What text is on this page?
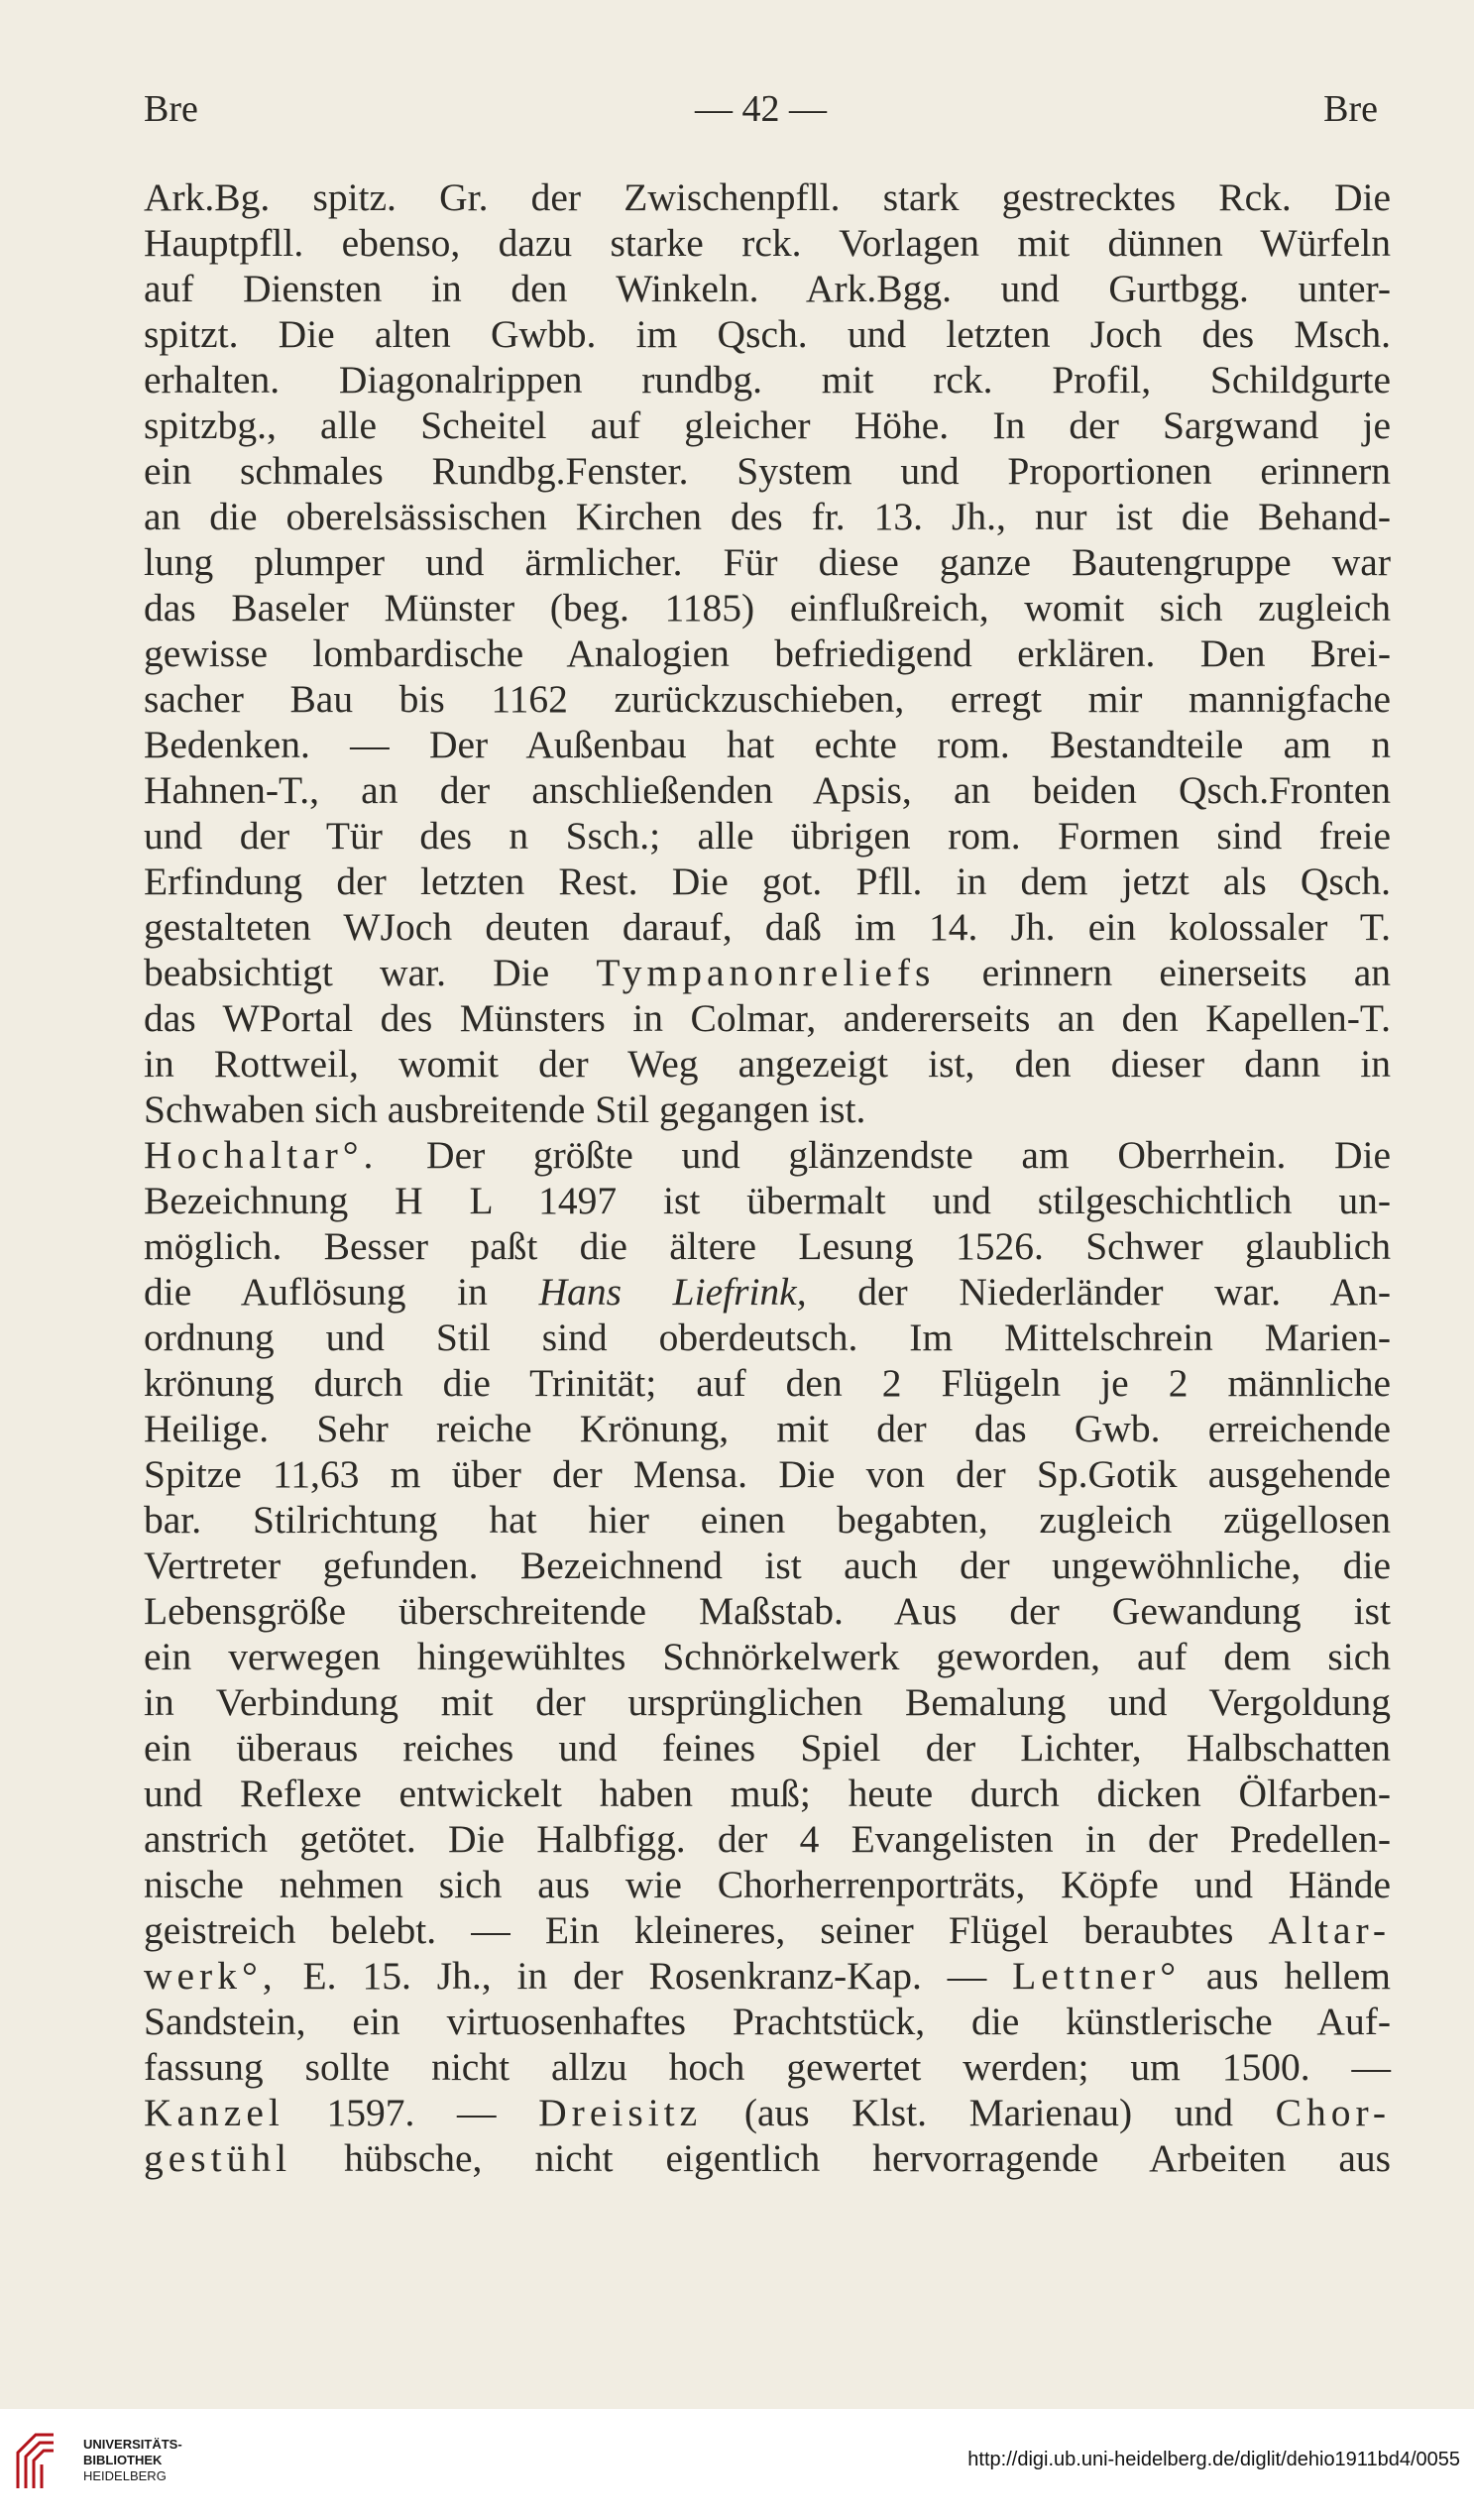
Bre	— 42 —	Bre
Ark.Bg. spitz. Gr. der Zwischenpfll. stark gestrecktes Rck. Die
Hauptpfll. ebenso, dazu starke rck. Vorlagen mit dünnen Würfeln
auf Diensten in den Winkeln. Ark.Bgg. und Gurtbgg. unter-
spitzt. Die alten Gwbb. im Qsch. und letzten Joch des Msch.
erhalten. Diagonalrippen rundbg. mit rck. Profil, Schildgurte
spitzbg., alle Scheitel auf gleicher Höhe. In der Sargwand je
ein schmales Rundbg.Fenster. System und Proportionen erinnern
an die oberelsässischen Kirchen des fr. 13. Jh., nur ist die Behand-
lung plumper und ärmlicher. Für diese ganze Bautengruppe war
das Baseler Münster (beg. 1185) einflußreich, womit sich zugleich
gewisse lombardische Analogien befriedigend erklären. Den Brei-
sacher Bau bis 1162 zurückzuschieben, erregt mir mannigfache
Bedenken. — Der Außenbau hat echte rom. Bestandteile am n
Hahnen-T., an der anschließenden Apsis, an beiden Qsch.Fronten
und der Tür des n Ssch.; alle übrigen rom. Formen sind freie
Erfindung der letzten Rest. Die got. Pfll. in dem jetzt als Qsch.
gestalteten WJoch deuten darauf, daß im 14. Jh. ein kolossaler T.
beabsichtigt war. Die Tympanonreliefs erinnern einerseits an
das WPortal des Münsters in Colmar, andererseits an den Kapellen-T.
in Rottweil, womit der Weg angezeigt ist, den dieser dann in
Schwaben sich ausbreitende Stil gegangen ist.
Hochaltar°. Der größte und glänzendste am Oberrhein. Die
Bezeichnung H L 1497 ist übermalt und stilgeschichtlich un-
möglich. Besser paßt die ältere Lesung 1526. Schwer glaublich
die Auflösung in Hans Liefrink, der Niederländer war. An-
ordnung und Stil sind oberdeutsch. Im Mittelschrein Marien-
krönung durch die Trinität; auf den 2 Flügeln je 2 männliche
Heilige. Sehr reiche Krönung, mit der das Gwb. erreichende
Spitze 11,63 m über der Mensa. Die von der Sp.Gotik ausgehende
bar. Stilrichtung hat hier einen begabten, zugleich zügellosen
Vertreter gefunden. Bezeichnend ist auch der ungewöhnliche, die
Lebensgröße überschreitende Maßstab. Aus der Gewandung ist
ein verwegen hingewühltes Schnörkelwerk geworden, auf dem sich
in Verbindung mit der ursprünglichen Bemalung und Vergoldung
ein überaus reiches und feines Spiel der Lichter, Halbschatten
und Reflexe entwickelt haben muß; heute durch dicken Ölfarben-
anstrich getötet. Die Halbfigg. der 4 Evangelisten in der Predellen-
nische nehmen sich aus wie Chorherrenporträts, Köpfe und Hände
geistreich belebt. — Ein kleineres, seiner Flügel beraubtes Altar-
werk°, E. 15. Jh., in der Rosenkranz-Kap. — Lettner° aus hellem
Sandstein, ein virtuosenhaftes Prachtstück, die künstlerische Auf-
fassung sollte nicht allzu hoch gewertet werden; um 1500. —
Kanzel 1597. — Dreisitz (aus Klst. Marienau) und Chor-
gestühl hübsche, nicht eigentlich hervorragende Arbeiten aus
UNIVERSITÄTS-
BIBLIOTHEK
HEIDELBERG
http://digi.ub.uni-heidelberg.de/diglit/dehio1911bd4/0055
